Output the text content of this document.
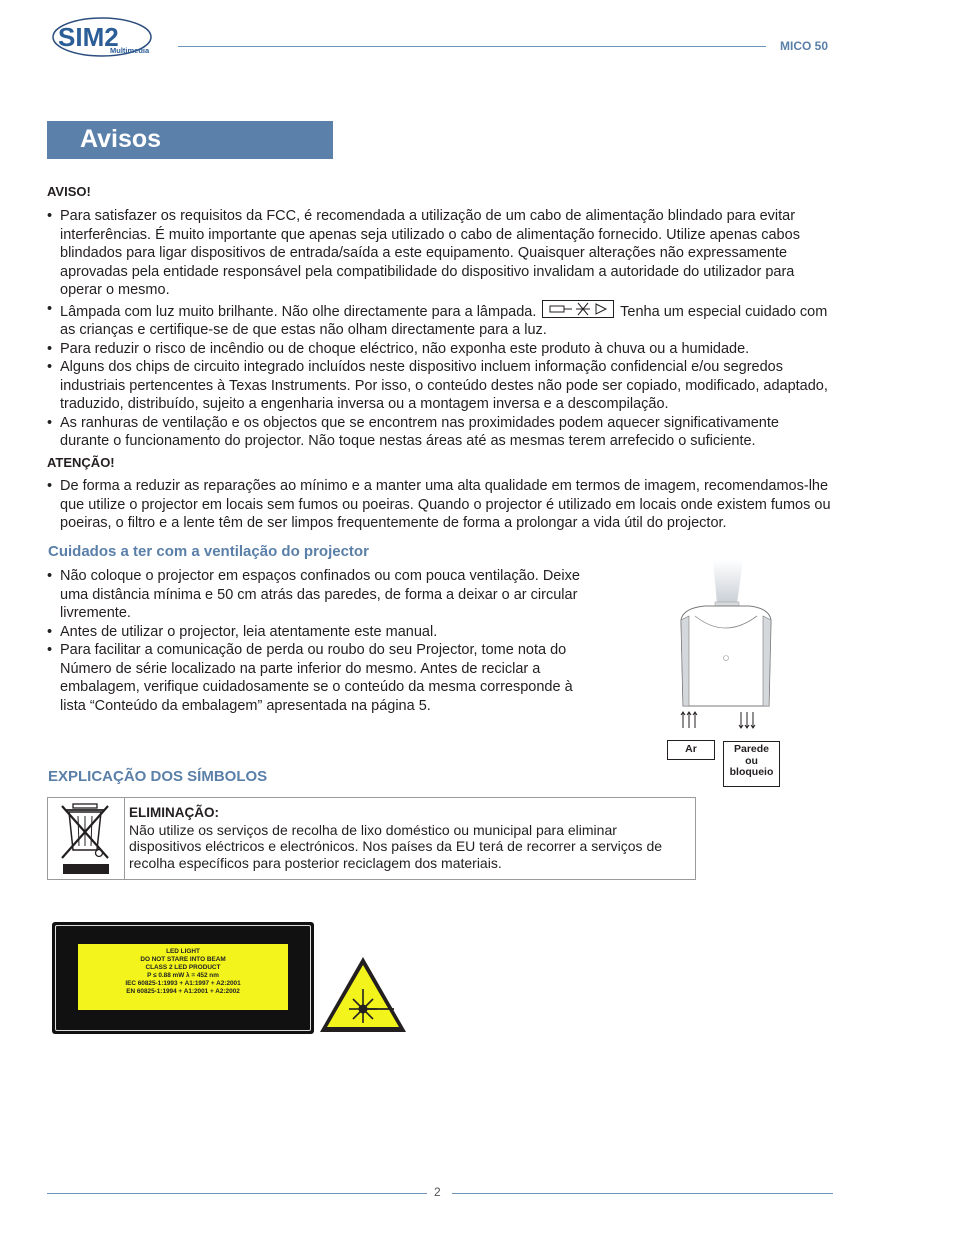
SIM2
Multimedia	MICO 50
Avisos
AVISO!
• Para satisfazer os requisitos da FCC, é recomendada a utilização de um cabo de alimentação blindado para evitar interferências. É muito importante que apenas seja utilizado o cabo de alimentação fornecido. Utilize apenas cabos blindados para ligar dispositivos de entrada/saída a este equipamento. Quaisquer alterações não expressamente aprovadas pela entidade responsável pela compatibilidade do dispositivo invalidam a autoridade do utilizador para operar o mesmo.
• Lâmpada com luz muito brilhante. Não olhe directamente para a lâmpada.	Tenha um especial cuidado com as crianças e certifique-se de que estas não olham directamente para a luz.
• Para reduzir o risco de incêndio ou de choque eléctrico, não exponha este produto à chuva ou a humidade.
• Alguns dos chips de circuito integrado incluídos neste dispositivo incluem informação confidencial e/ou segredos industriais pertencentes à Texas Instruments. Por isso, o conteúdo destes não pode ser copiado, modificado, adaptado, traduzido, distribuído, sujeito a engenharia inversa ou a montagem inversa e a descompilação.
• As ranhuras de ventilação e os objectos que se encontrem nas proximidades podem aquecer significativamente durante o funcionamento do projector. Não toque nestas áreas até as mesmas terem arrefecido o suficiente.
ATENÇÃO!
• De forma a reduzir as reparações ao mínimo e a manter uma alta qualidade em termos de imagem, recomendamos-lhe que utilize o projector em locais sem fumos ou poeiras. Quando o projector é utilizado em locais onde existem fumos ou poeiras, o filtro e a lente têm de ser limpos frequentemente de forma a prolongar a vida útil do projector.
Cuidados a ter com a ventilação do projector
• Não coloque o projector em espaços confinados ou com pouca ventilação. Deixe uma distância mínima e 50 cm atrás das paredes, de forma a deixar o ar circular livremente.
• Antes de utilizar o projector, leia atentamente este manual.
• Para facilitar a comunicação de perda ou roubo do seu Projector, tome nota do Número de série localizado na parte inferior do mesmo. Antes de reciclar a embalagem, verifique cuidadosamente se o conteúdo da mesma corresponde à lista “Conteúdo da embalagem” apresentada na página 5.
Ar	Parede
ou
bloqueio
EXPLICAÇÃO DOS SÍMBOLOS
ELIMINAÇÃO:
Não utilize os serviços de recolha de lixo doméstico ou municipal para eliminar dispositivos eléctricos e electrónicos. Nos países da EU terá de recorrer a serviços de recolha específicos para posterior reciclagem dos materiais.
LED LIGHT
DO NOT STARE INTO BEAM
CLASS 2 LED PRODUCT
P ≤ 0.88 mW λ = 452 nm
IEC 60825-1:1993 + A1:1997 + A2:2001
EN 60825-1:1994 + A1:2001 + A2:2002
2
